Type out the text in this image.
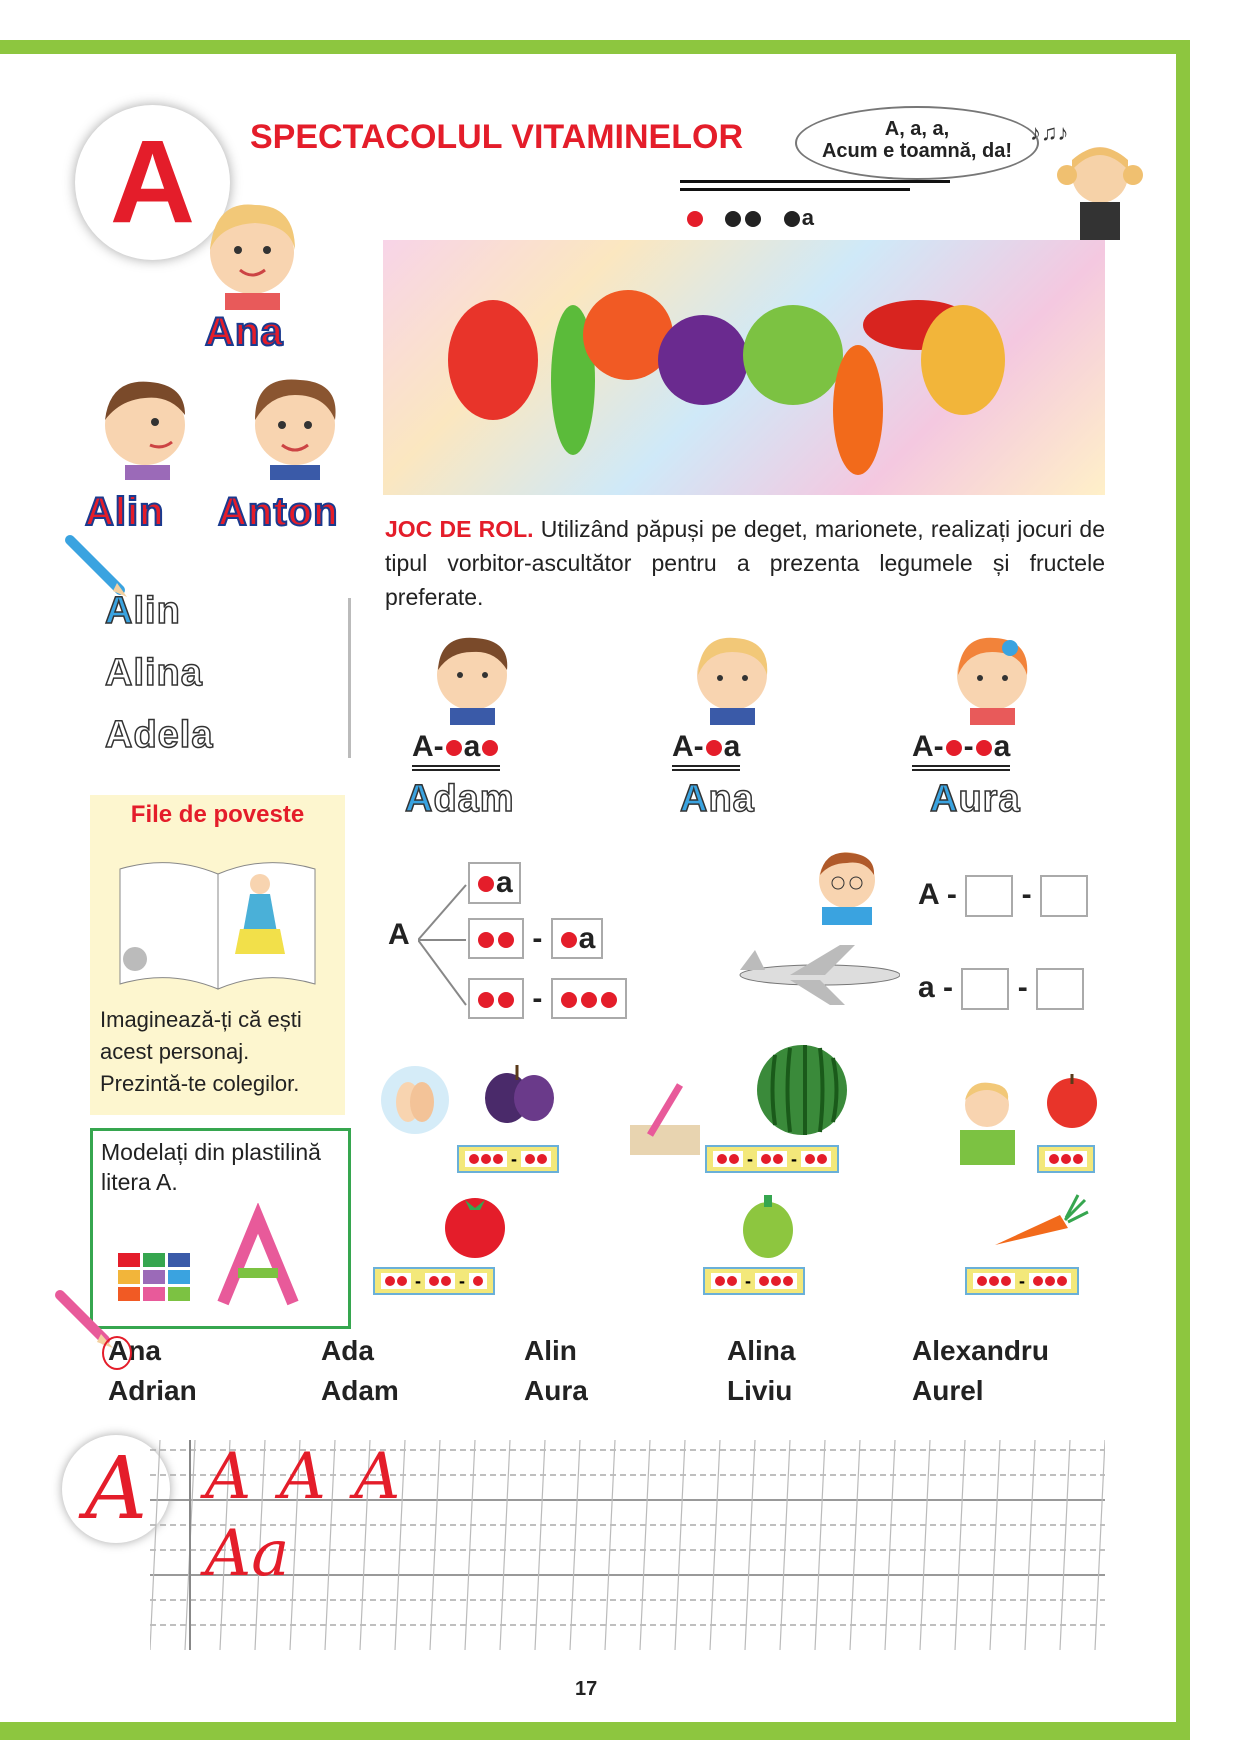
A	SPECTACOLUL VITAMINELOR	A, a, a,
Acum e toamnă, da!
♪♫♪
a
Ana
Alin Anton
Alin
Alina
Adela
JOC DE ROL. Utilizând păpuși pe deget, marionete, realizați jocuri de tipul vorbitor-ascultător pentru a prezenta legumele și fructele preferate.
A- a
Adam
A- a
Ana
A- - a
Aura
File de poveste
Imaginează-ți că ești acest personaj. Prezintă-te colegilor.
Modelați din plastilină litera A.
A
a
- a
-
A -  -
a -  -
-	- -
- -	-	-
Ana	Ada	Alin	Alina	Alexandru
Adrian	Adam	Aura	Liviu	Aurel
A A A A
Aa
17
